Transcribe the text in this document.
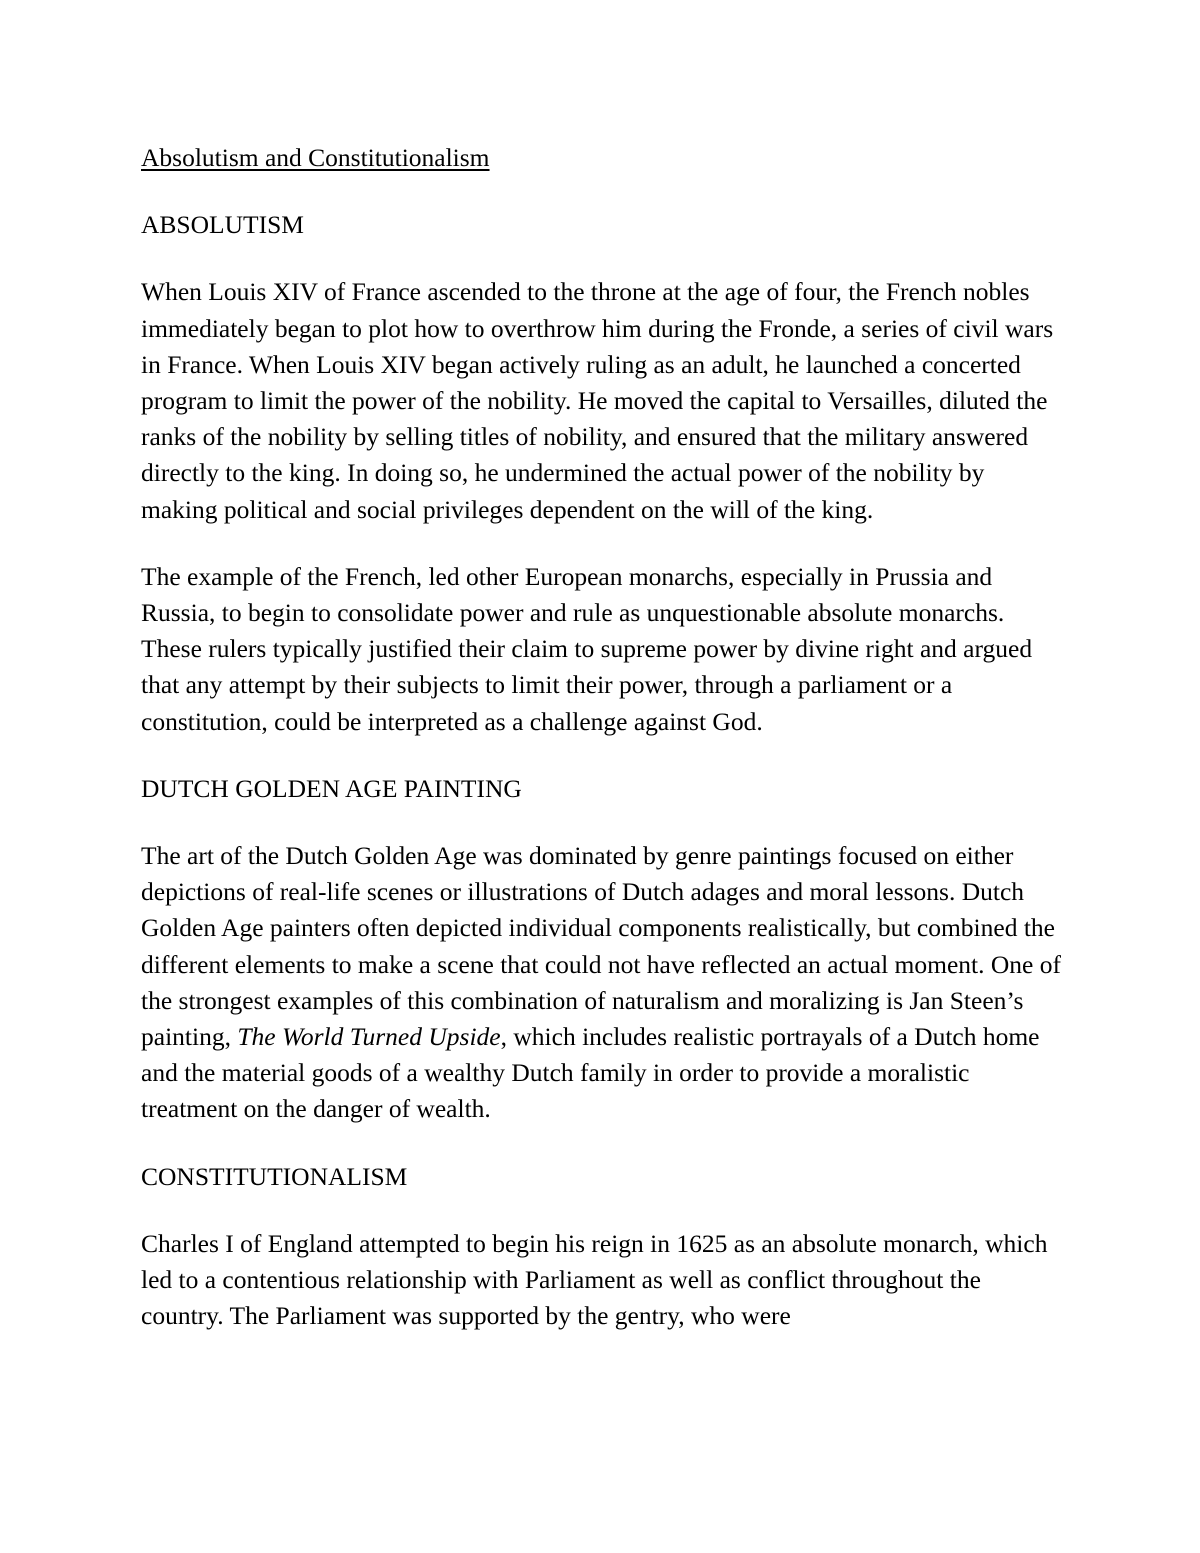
Absolutism and Constitutionalism

ABSOLUTISM

When Louis XIV of France ascended to the throne at the age of four, the French nobles immediately began to plot how to overthrow him during the Fronde, a series of civil wars in France. When Louis XIV began actively ruling as an adult, he launched a concerted program to limit the power of the nobility. He moved the capital to Versailles, diluted the ranks of the nobility by selling titles of nobility, and ensured that the military answered directly to the king. In doing so, he undermined the actual power of the nobility by making political and social privileges dependent on the will of the king.

The example of the French, led other European monarchs, especially in Prussia and Russia, to begin to consolidate power and rule as unquestionable absolute monarchs. These rulers typically justified their claim to supreme power by divine right and argued that any attempt by their subjects to limit their power, through a parliament or a constitution, could be interpreted as a challenge against God.

DUTCH GOLDEN AGE PAINTING

The art of the Dutch Golden Age was dominated by genre paintings focused on either depictions of real-life scenes or illustrations of Dutch adages and moral lessons. Dutch Golden Age painters often depicted individual components realistically, but combined the different elements to make a scene that could not have reflected an actual moment. One of the strongest examples of this combination of naturalism and moralizing is Jan Steen’s painting, The World Turned Upside, which includes realistic portrayals of a Dutch home and the material goods of a wealthy Dutch family in order to provide a moralistic treatment on the danger of wealth.

CONSTITUTIONALISM

Charles I of England attempted to begin his reign in 1625 as an absolute monarch, which led to a contentious relationship with Parliament as well as conflict throughout the country. The Parliament was supported by the gentry, who were
